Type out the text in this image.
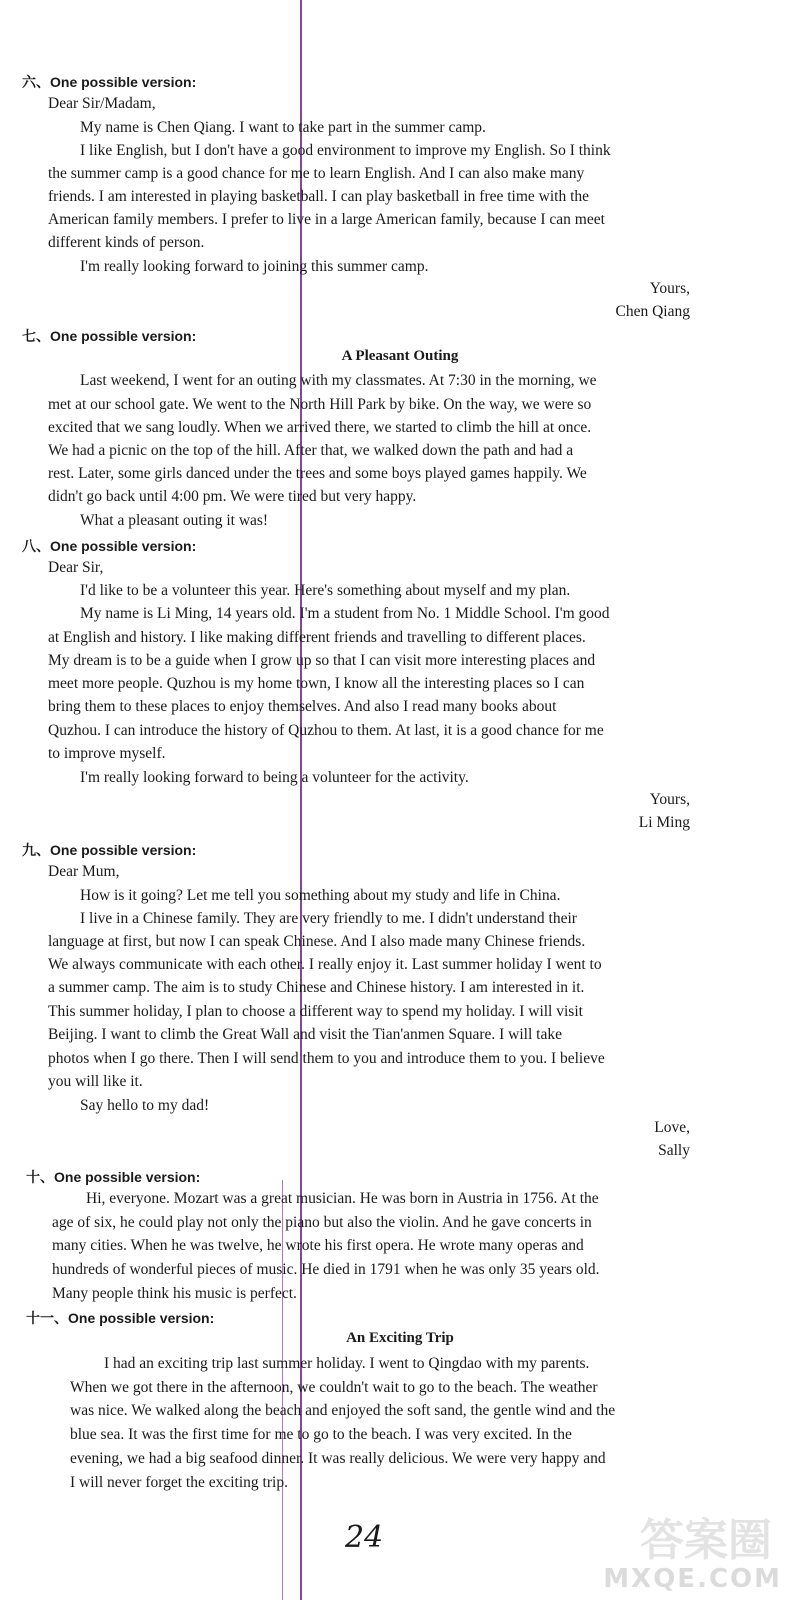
六、One possible version:
Dear Sir/Madam,
My name is Chen Qiang. I want to take part in the summer camp.
I like English, but I don't have a good environment to improve my English. So I think
the summer camp is a good chance for me to learn English. And I can also make many
friends. I am interested in playing basketball. I can play basketball in free time with the
American family members. I prefer to live in a large American family, because I can meet
different kinds of person.
I'm really looking forward to joining this summer camp.
Yours,
Chen Qiang
七、One possible version:
A Pleasant Outing
Last weekend, I went for an outing with my classmates. At 7:30 in the morning, we
met at our school gate. We went to the North Hill Park by bike. On the way, we were so
excited that we sang loudly. When we arrived there, we started to climb the hill at once.
We had a picnic on the top of the hill. After that, we walked down the path and had a
rest. Later, some girls danced under the trees and some boys played games happily. We
didn't go back until 4:00 pm. We were tired but very happy.
What a pleasant outing it was!
八、One possible version:
Dear Sir,
I'd like to be a volunteer this year. Here's something about myself and my plan.
My name is Li Ming, 14 years old. I'm a student from No. 1 Middle School. I'm good
at English and history. I like making different friends and travelling to different places.
My dream is to be a guide when I grow up so that I can visit more interesting places and
meet more people. Quzhou is my home town, I know all the interesting places so I can
bring them to these places to enjoy themselves. And also I read many books about
Quzhou. I can introduce the history of Quzhou to them. At last, it is a good chance for me
to improve myself.
I'm really looking forward to being a volunteer for the activity.
Yours,
Li Ming
九、One possible version:
Dear Mum,
How is it going? Let me tell you something about my study and life in China.
I live in a Chinese family. They are very friendly to me. I didn't understand their
language at first, but now I can speak Chinese. And I also made many Chinese friends.
We always communicate with each other. I really enjoy it. Last summer holiday I went to
a summer camp. The aim is to study Chinese and Chinese history. I am interested in it.
This summer holiday, I plan to choose a different way to spend my holiday. I will visit
Beijing. I want to climb the Great Wall and visit the Tian'anmen Square. I will take
photos when I go there. Then I will send them to you and introduce them to you. I believe
you will like it.
Say hello to my dad!
Love,
Sally
十、One possible version:
Hi, everyone. Mozart was a great musician. He was born in Austria in 1756. At the
age of six, he could play not only the piano but also the violin. And he gave concerts in
many cities. When he was twelve, he wrote his first opera. He wrote many operas and
hundreds of wonderful pieces of music. He died in 1791 when he was only 35 years old.
Many people think his music is perfect.
十一、One possible version:
An Exciting Trip
I had an exciting trip last summer holiday. I went to Qingdao with my parents.
When we got there in the afternoon, we couldn't wait to go to the beach. The weather
was nice. We walked along the beach and enjoyed the soft sand, the gentle wind and the
blue sea. It was the first time for me to go to the beach. I was very excited. In the
evening, we had a big seafood dinner. It was really delicious. We were very happy and
I will never forget the exciting trip.
24	答案圈
MXQE.COM
